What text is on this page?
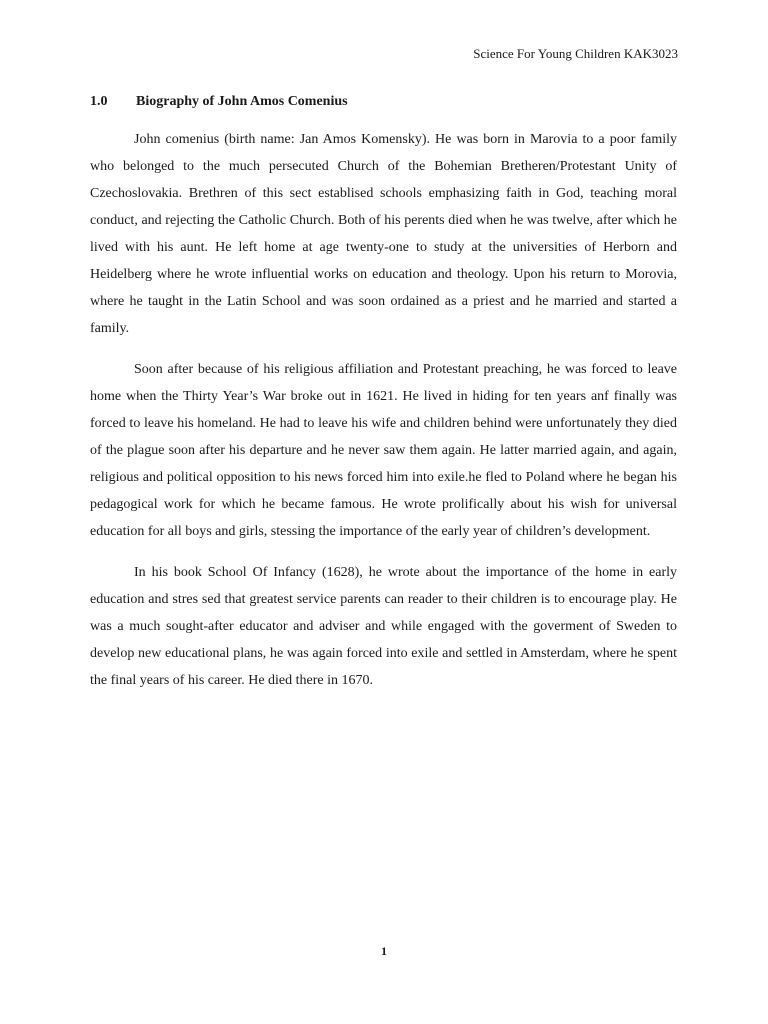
Science For Young Children KAK3023
1.0 Biography of John Amos Comenius

John comenius (birth name: Jan Amos Komensky). He was born in Marovia to a poor family who belonged to the much persecuted Church of the Bohemian Bretheren/Protestant Unity of Czechoslovakia. Brethren of this sect establised schools emphasizing faith in God, teaching moral conduct, and rejecting the Catholic Church. Both of his perents died when he was twelve, after which he lived with his aunt. He left home at age twenty-one to study at the universities of Herborn and Heidelberg where he wrote influential works on education and theology. Upon his return to Morovia, where he taught in the Latin School and was soon ordained as a priest and he married and started a family.

Soon after because of his religious affiliation and Protestant preaching, he was forced to leave home when the Thirty Year’s War broke out in 1621. He lived in hiding for ten years anf finally was forced to leave his homeland. He had to leave his wife and children behind were unfortunately they died of the plague soon after his departure and he never saw them again. He latter married again, and again, religious and political opposition to his news forced him into exile.he fled to Poland where he began his pedagogical work for which he became famous. He wrote prolifically about his wish for universal education for all boys and girls, stessing the importance of the early year of children’s development.

In his book School Of Infancy (1628), he wrote about the importance of the home in early education and stres sed that greatest service parents can reader to their children is to encourage play. He was a much sought-after educator and adviser and while engaged with the goverment of Sweden to develop new educational plans, he was again forced into exile and settled in Amsterdam, where he spent the final years of his career. He died there in 1670.

1
